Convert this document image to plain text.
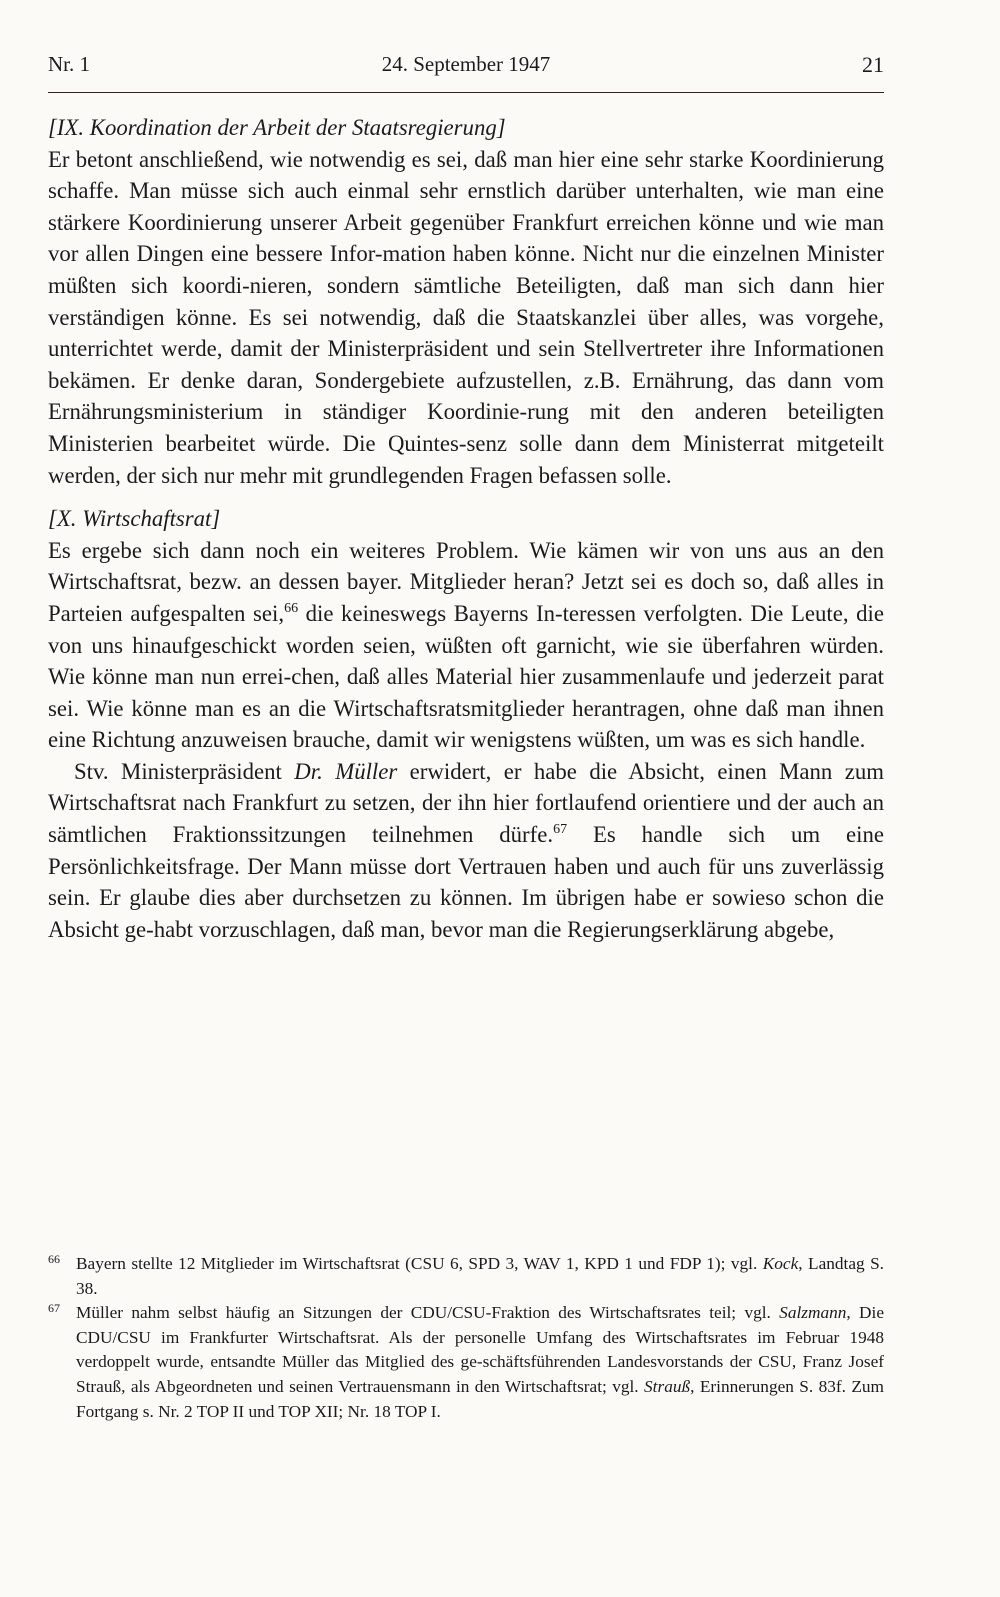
Nr. 1	24. September 1947	21

[IX. Koordination der Arbeit der Staatsregierung]

Er betont anschließend, wie notwendig es sei, daß man hier eine sehr starke Koordinierung schaffe. Man müsse sich auch einmal sehr ernstlich darüber unterhalten, wie man eine stärkere Koordinierung unserer Arbeit gegenüber Frankfurt erreichen könne und wie man vor allen Dingen eine bessere Infor-mation haben könne. Nicht nur die einzelnen Minister müßten sich koordi-nieren, sondern sämtliche Beteiligten, daß man sich dann hier verständigen könne. Es sei notwendig, daß die Staatskanzlei über alles, was vorgehe, unterrichtet werde, damit der Ministerpräsident und sein Stellvertreter ihre Informationen bekämen. Er denke daran, Sondergebiete aufzustellen, z.B. Ernährung, das dann vom Ernährungsministerium in ständiger Koordinie-rung mit den anderen beteiligten Ministerien bearbeitet würde. Die Quintes-senz solle dann dem Ministerrat mitgeteilt werden, der sich nur mehr mit grundlegenden Fragen befassen solle.

[X. Wirtschaftsrat]

Es ergebe sich dann noch ein weiteres Problem. Wie kämen wir von uns aus an den Wirtschaftsrat, bezw. an dessen bayer. Mitglieder heran? Jetzt sei es doch so, daß alles in Parteien aufgespalten sei,$^{66}$ die keineswegs Bayerns In-teressen verfolgten. Die Leute, die von uns hinaufgeschickt worden seien, wüßten oft garnicht, wie sie überfahren würden. Wie könne man nun errei-chen, daß alles Material hier zusammenlaufe und jederzeit parat sei. Wie könne man es an die Wirtschaftsratsmitglieder herantragen, ohne daß man ihnen eine Richtung anzuweisen brauche, damit wir wenigstens wüßten, um was es sich handle.

Stv. Ministerpräsident Dr. Müller erwidert, er habe die Absicht, einen Mann zum Wirtschaftsrat nach Frankfurt zu setzen, der ihn hier fortlaufend orientiere und der auch an sämtlichen Fraktionssitzungen teilnehmen dürfe.$^{67}$ Es handle sich um eine Persönlichkeitsfrage. Der Mann müsse dort Vertrauen haben und auch für uns zuverlässig sein. Er glaube dies aber durchsetzen zu können. Im übrigen habe er sowieso schon die Absicht ge-habt vorzuschlagen, daß man, bevor man die Regierungserklärung abgebe,

66 Bayern stellte 12 Mitglieder im Wirtschaftsrat (CSU 6, SPD 3, WAV 1, KPD 1 und FDP 1); vgl. Kock, Landtag S. 38.

67 Müller nahm selbst häufig an Sitzungen der CDU/CSU-Fraktion des Wirtschaftsrates teil; vgl. Salzmann, Die CDU/CSU im Frankfurter Wirtschaftsrat. Als der personelle Umfang des Wirtschaftsrates im Februar 1948 verdoppelt wurde, entsandte Müller das Mitglied des ge-schäftsführenden Landesvorstands der CSU, Franz Josef Strauß, als Abgeordneten und seinen Vertrauensmann in den Wirtschaftsrat; vgl. Strauß, Erinnerungen S. 83f. Zum Fortgang s. Nr. 2 TOP II und TOP XII; Nr. 18 TOP I.
